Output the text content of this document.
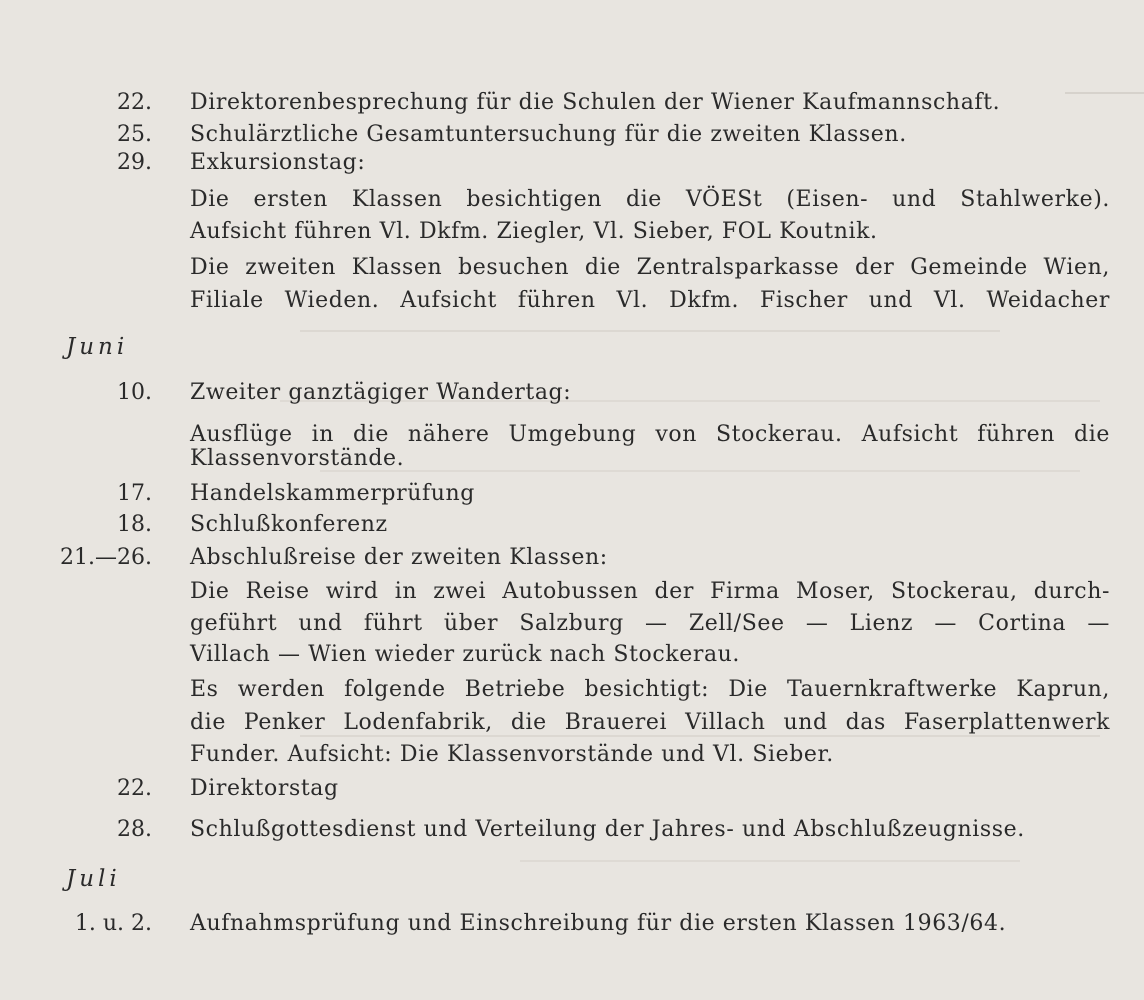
22.	Direktorenbesprechung für die Schulen der Wiener Kaufmannschaft.
25.	Schulärztliche Gesamtuntersuchung für die zweiten Klassen.
29.	Exkursionstag:
Die ersten Klassen besichtigen die VÖESt (Eisen- und Stahlwerke).
Aufsicht führen Vl. Dkfm. Ziegler, Vl. Sieber, FOL Koutnik.
Die zweiten Klassen besuchen die Zentralsparkasse der Gemeinde Wien,
Filiale Wieden. Aufsicht führen Vl. Dkfm. Fischer und Vl. Weidacher
Juni
10.	Zweiter ganztägiger Wandertag:
Ausflüge in die nähere Umgebung von Stockerau. Aufsicht führen die
Klassenvorstände.
17.	Handelskammerprüfung
18.	Schlußkonferenz
21.—26.	Abschlußreise der zweiten Klassen:
Die Reise wird in zwei Autobussen der Firma Moser, Stockerau, durch-
geführt und führt über Salzburg — Zell/See — Lienz — Cortina —
Villach — Wien wieder zurück nach Stockerau.
Es werden folgende Betriebe besichtigt: Die Tauernkraftwerke Kaprun,
die Penker Lodenfabrik, die Brauerei Villach und das Faserplattenwerk
Funder. Aufsicht: Die Klassenvorstände und Vl. Sieber.
22.	Direktorstag
28.	Schlußgottesdienst und Verteilung der Jahres- und Abschlußzeugnisse.
Juli
1. u. 2.	Aufnahmsprüfung und Einschreibung für die ersten Klassen 1963/64.
